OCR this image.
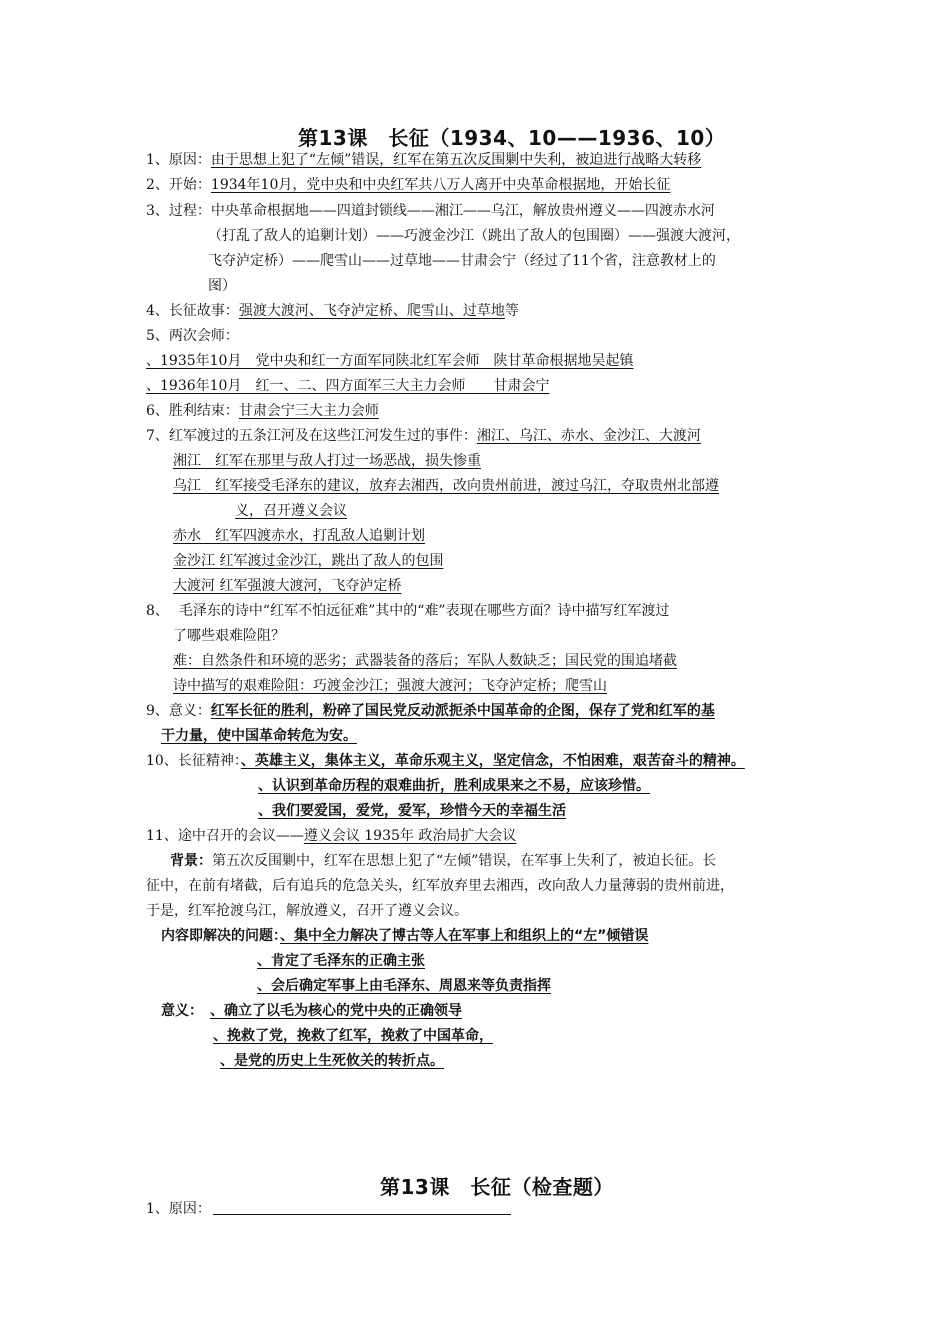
第13课　长征（1934、10——1936、10）
1、原因：由于思想上犯了“左倾”错误，红军在第五次反围剿中失利，被迫进行战略大转移
2、开始：1934年10月，党中央和中央红军共八万人离开中央革命根据地，开始长征
3、过程：中央革命根据地——四道封锁线——湘江——乌江，解放贵州遵义——四渡赤水河
（打乱了敌人的追剿计划）——巧渡金沙江（跳出了敌人的包围圈）——强渡大渡河，
飞夺泸定桥）——爬雪山——过草地——甘肃会宁（经过了11个省，注意教材上的
图）
4、长征故事：强渡大渡河、飞夺泸定桥、爬雪山、过草地等
5、两次会师：
、1935年10月　党中央和红一方面军同陕北红军会师　陕甘革命根据地吴起镇
、1936年10月　红一、二、四方面军三大主力会师　　甘肃会宁
6、胜利结束：甘肃会宁三大主力会师
7、红军渡过的五条江河及在这些江河发生过的事件：湘江、乌江、赤水、金沙江、大渡河
湘江　红军在那里与敌人打过一场恶战，损失惨重
乌江　红军接受毛泽东的建议，放弃去湘西，改向贵州前进，渡过乌江，夺取贵州北部遵
义，召开遵义会议
赤水　红军四渡赤水，打乱敌人追剿计划
金沙江 红军渡过金沙江，跳出了敌人的包围
大渡河 红军强渡大渡河，飞夺泸定桥
8、 毛泽东的诗中“红军不怕远征难”其中的“难”表现在哪些方面？诗中描写红军渡过
了哪些艰难险阻？
难：自然条件和环境的恶劣；武器装备的落后；军队人数缺乏；国民党的围追堵截
诗中描写的艰难险阻：巧渡金沙江；强渡大渡河；飞夺泸定桥；爬雪山
9、意义：红军长征的胜利，粉碎了国民党反动派扼杀中国革命的企图，保存了党和红军的基
干力量，使中国革命转危为安。
10、长征精神：、英雄主义，集体主义，革命乐观主义，坚定信念，不怕困难，艰苦奋斗的精神。
、认识到革命历程的艰难曲折，胜利成果来之不易，应该珍惜。
、我们要爱国，爱党，爱军，珍惜今天的幸福生活
11、途中召开的会议——遵义会议 1935年 政治局扩大会议
背景：第五次反围剿中，红军在思想上犯了“左倾”错误，在军事上失利了，被迫长征。长
征中，在前有堵截，后有追兵的危急关头，红军放弃里去湘西，改向敌人力量薄弱的贵州前进，
于是，红军抢渡乌江，解放遵义，召开了遵义会议。
内容即解决的问题：、集中全力解决了博古等人在军事上和组织上的“左”倾错误
、肯定了毛泽东的正确主张
、会后确定军事上由毛泽东、周恩来等负责指挥
意义： 、确立了以毛为核心的党中央的正确领导
、挽救了党，挽救了红军，挽救了中国革命，
、是党的历史上生死攸关的转折点。
第13课　长征（检查题）
1、原因：
